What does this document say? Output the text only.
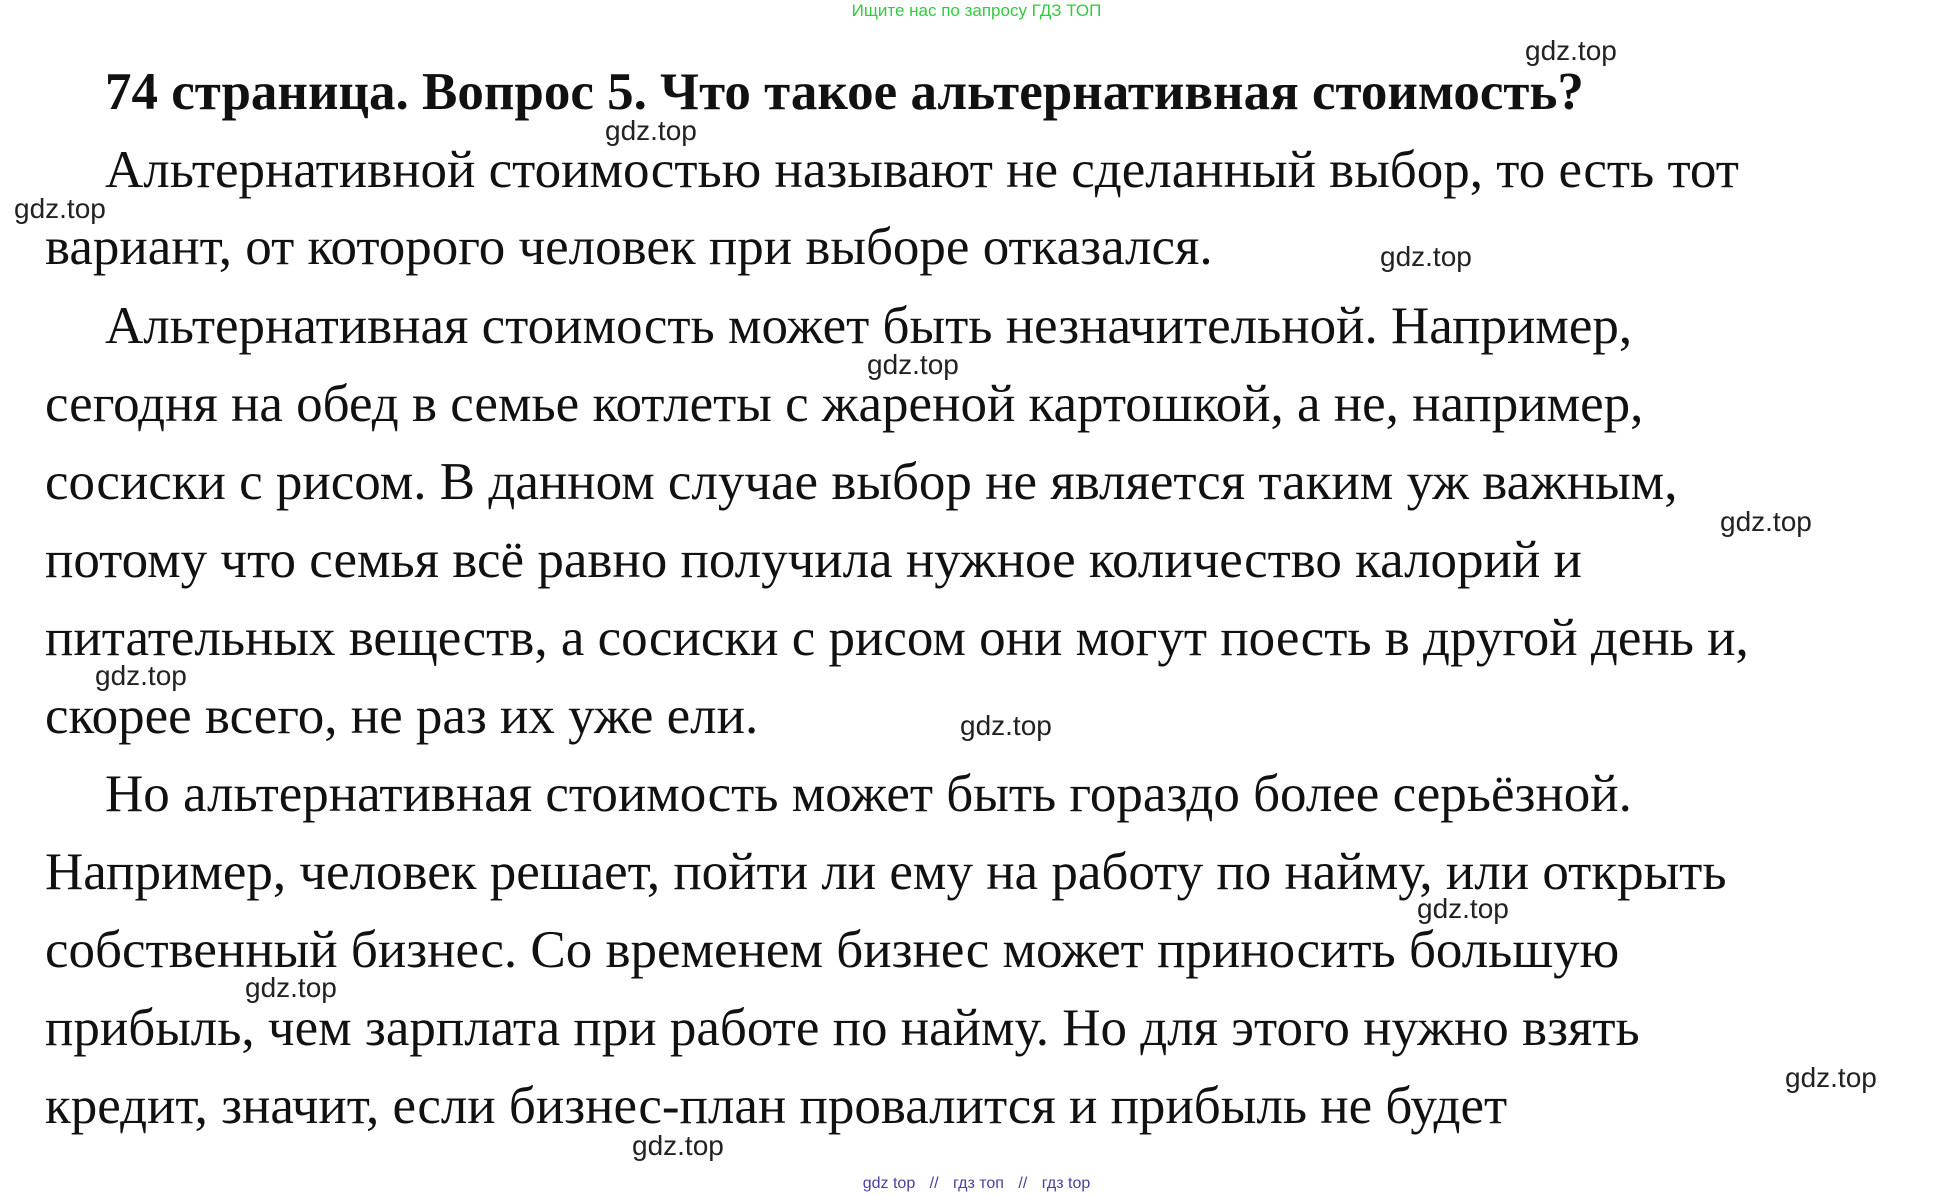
Ищите нас по запросу ГДЗ ТОП
74 страница. Вопрос 5. Что такое альтернативная стоимость?
Альтернативной стоимостью называют не сделанный выбор, то есть тот
вариант, от которого человек при выборе отказался.
Альтернативная стоимость может быть незначительной. Например,
сегодня на обед в семье котлеты с жареной картошкой, а не, например,
сосиски с рисом. В данном случае выбор не является таким уж важным,
потому что семья всё равно получила нужное количество калорий и
питательных веществ, а сосиски с рисом они могут поесть в другой день и,
скорее всего, не раз их уже ели.
Но альтернативная стоимость может быть гораздо более серьёзной.
Например, человек решает, пойти ли ему на работу по найму, или открыть
собственный бизнес. Со временем бизнес может приносить большую
прибыль, чем зарплата при работе по найму. Но для этого нужно взять
кредит, значит, если бизнес-план провалится и прибыль не будет
gdz.top
gdz.top
gdz.top
gdz.top
gdz.top
gdz.top
gdz.top
gdz.top
gdz.top
gdz.top
gdz.top
gdz.top
gdz top // гдз топ // гдз top
